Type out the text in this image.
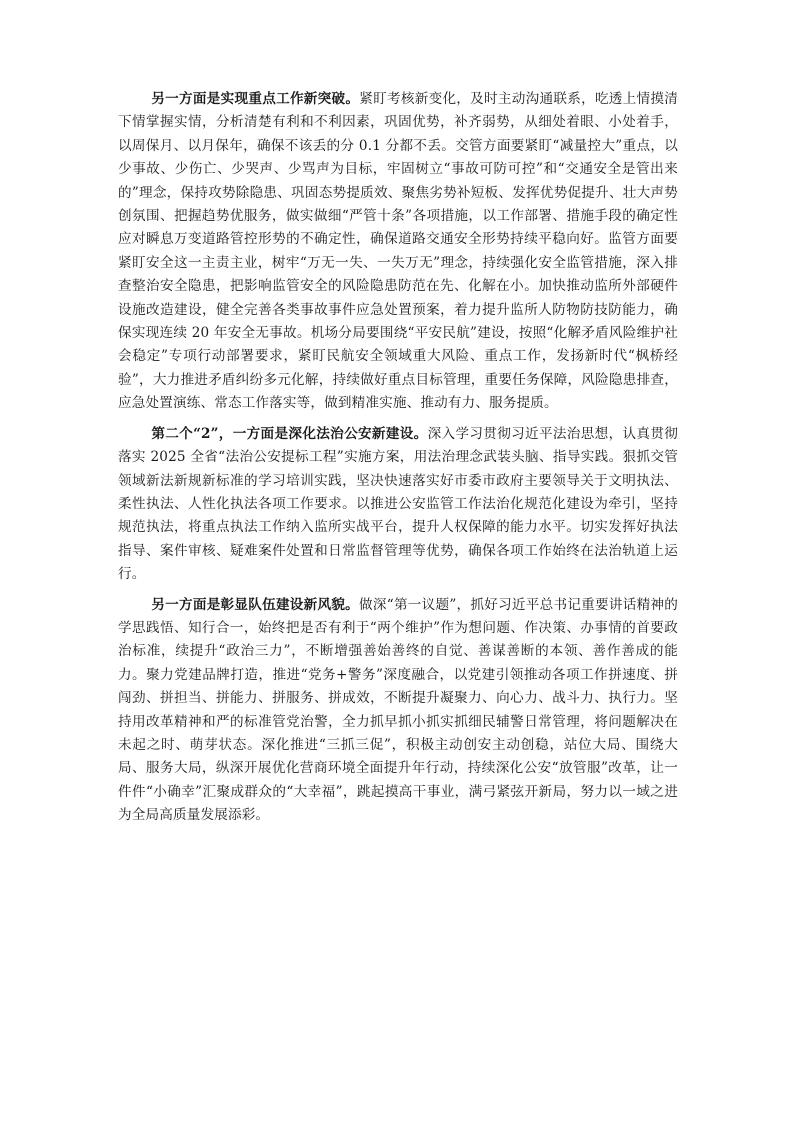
另一方面是实现重点工作新突破。紧盯考核新变化，及时主动沟通联系，吃透上情摸清下情掌握实情，分析清楚有利和不利因素，巩固优势，补齐弱势，从细处着眼、小处着手，以周保月、以月保年，确保不该丢的分 0.1 分都不丢。交管方面要紧盯“减量控大”重点，以少事故、少伤亡、少哭声、少骂声为目标，牢固树立“事故可防可控”和“交通安全是管出来的”理念，保持攻势除隐患、巩固态势提质效、聚焦劣势补短板、发挥优势促提升、壮大声势创氛围、把握趋势优服务，做实做细“严管十条”各项措施，以工作部署、措施手段的确定性应对瞬息万变道路管控形势的不确定性，确保道路交通安全形势持续平稳向好。监管方面要紧盯安全这一主责主业，树牢“万无一失、一失万无”理念，持续强化安全监管措施，深入排查整治安全隐患，把影响监管安全的风险隐患防范在先、化解在小。加快推动监所外部硬件设施改造建设，健全完善各类事故事件应急处置预案，着力提升监所人防物防技防能力，确保实现连续 20 年安全无事故。机场分局要围绕“平安民航”建设，按照“化解矛盾风险维护社会稳定”专项行动部署要求，紧盯民航安全领域重大风险、重点工作，发扬新时代“枫桥经验”，大力推进矛盾纠纷多元化解，持续做好重点目标管理，重要任务保障，风险隐患排查，应急处置演练、常态工作落实等，做到精准实施、推动有力、服务提质。

第二个“2”，一方面是深化法治公安新建设。深入学习贯彻习近平法治思想，认真贯彻落实 2025 全省“法治公安提标工程”实施方案，用法治理念武装头脑、指导实践。狠抓交管领域新法新规新标准的学习培训实践，坚决快速落实好市委市政府主要领导关于文明执法、柔性执法、人性化执法各项工作要求。以推进公安监管工作法治化规范化建设为牵引，坚持规范执法，将重点执法工作纳入监所实战平台，提升人权保障的能力水平。切实发挥好执法指导、案件审核、疑难案件处置和日常监督管理等优势，确保各项工作始终在法治轨道上运行。

另一方面是彰显队伍建设新风貌。做深“第一议题”，抓好习近平总书记重要讲话精神的学思践悟、知行合一，始终把是否有利于“两个维护”作为想问题、作决策、办事情的首要政治标准，续提升“政治三力”，不断增强善始善终的自觉、善谋善断的本领、善作善成的能力。聚力党建品牌打造，推进“党务+警务”深度融合，以党建引领推动各项工作拼速度、拼闯劲、拼担当、拼能力、拼服务、拼成效，不断提升凝聚力、向心力、战斗力、执行力。坚持用改革精神和严的标准管党治警，全力抓早抓小抓实抓细民辅警日常管理，将问题解决在未起之时、萌芽状态。深化推进“三抓三促”，积极主动创安主动创稳，站位大局、围绕大局、服务大局，纵深开展优化营商环境全面提升年行动，持续深化公安“放管服”改革，让一件件“小确幸”汇聚成群众的“大幸福”，跳起摸高干事业，满弓紧弦开新局，努力以一域之进为全局高质量发展添彩。
